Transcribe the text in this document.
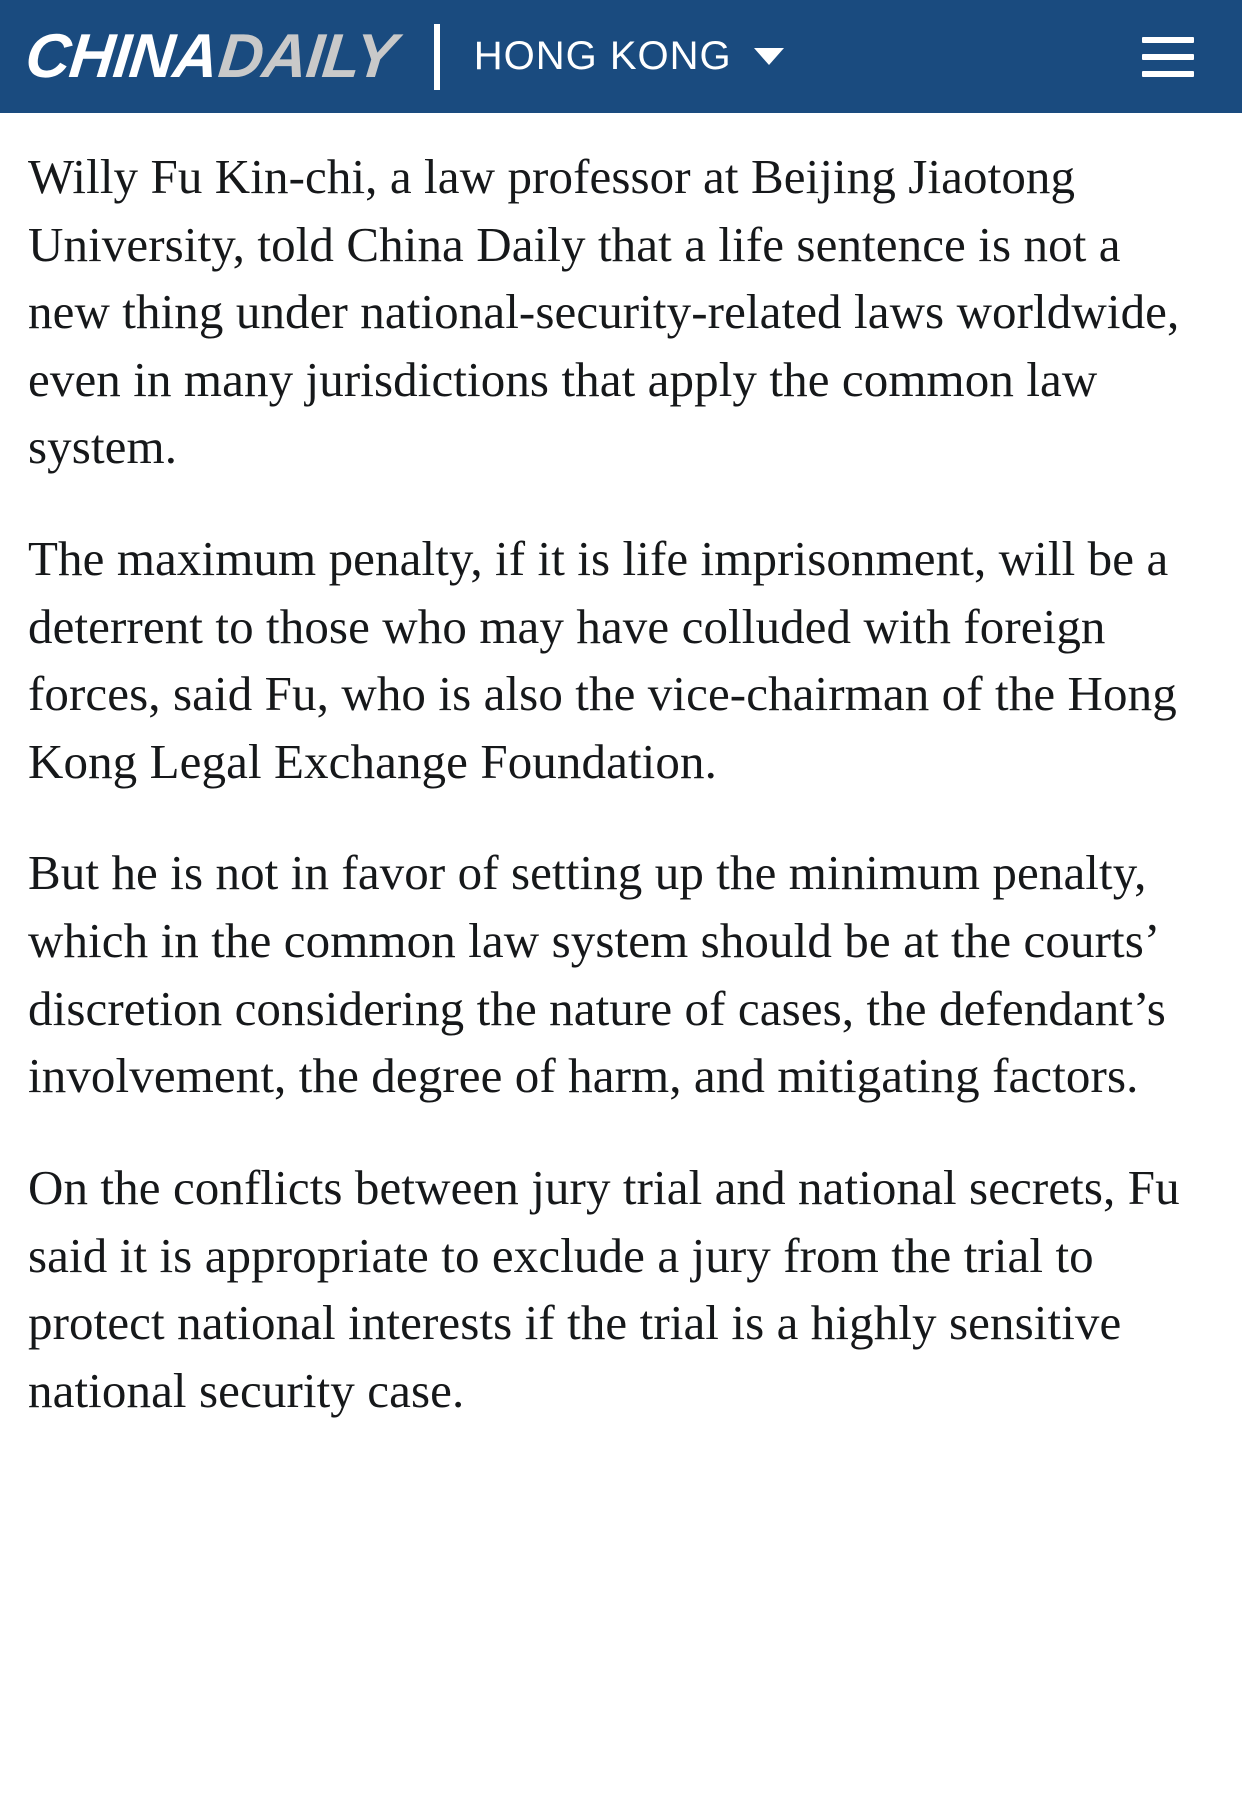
CHINA
DAILY HONG KONG

Willy Fu Kin-chi, a law professor at Beijing Jiaotong University, told China Daily that a life sentence is not a new thing under national-security-related laws worldwide, even in many jurisdictions that apply the common law system.

The maximum penalty, if it is life imprisonment, will be a deterrent to those who may have colluded with foreign forces, said Fu, who is also the vice-chairman of the Hong Kong Legal Exchange Foundation.

But he is not in favor of setting up the minimum penalty, which in the common law system should be at the courts’ discretion considering the nature of cases, the defendant’s involvement, the degree of harm, and mitigating factors.

On the conflicts between jury trial and national secrets, Fu said it is appropriate to exclude a jury from the trial to protect national interests if the trial is a highly sensitive national security case.
